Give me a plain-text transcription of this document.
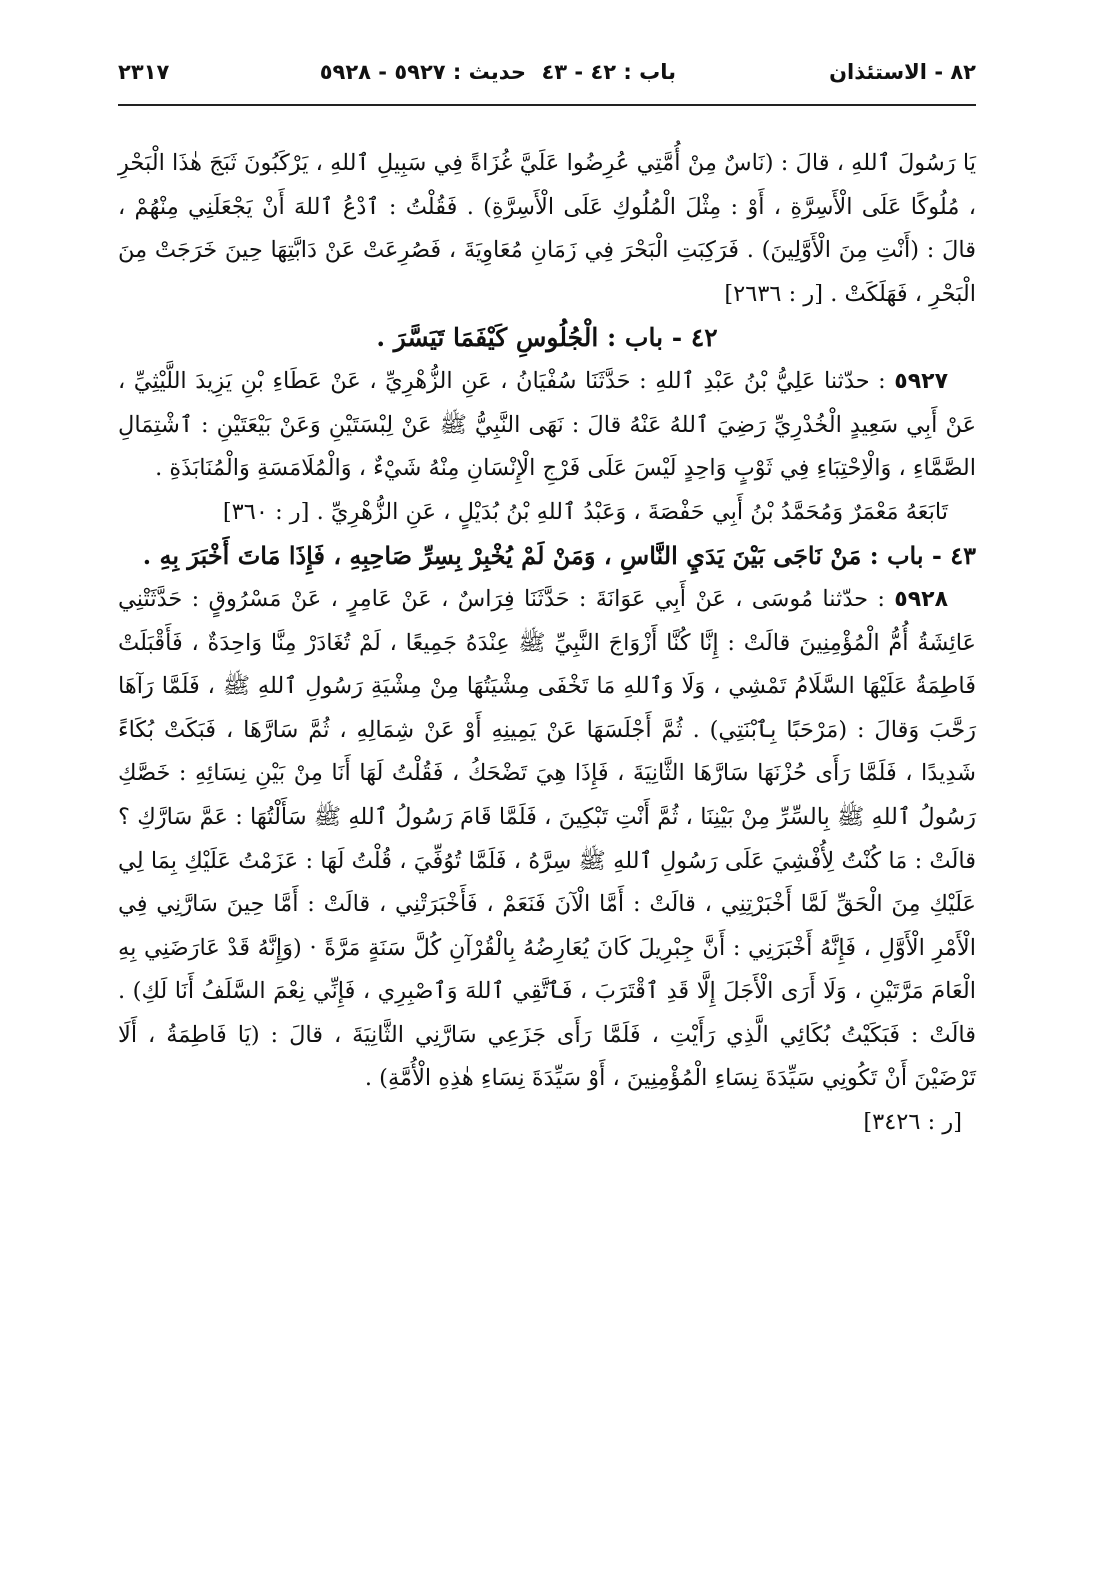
٨٢ - الاستئذان
باب : ٤٢ - ٤٣
حديث : ٥٩٢٧ - ٥٩٢٨
٢٣١٧

يَا رَسُولَ ٱللهِ ، قالَ : (نَاسٌ مِنْ أُمَّتِي عُرِضُوا عَلَيَّ غُزَاةً فِي سَبِيلِ ٱللهِ ، يَرْكَبُونَ ثَبَجَ هٰذَا الْبَحْرِ ، مُلُوكًا عَلَى الْأَسِرَّةِ ، أَوْ : مِثْلَ الْمُلُوكِ عَلَى الْأَسِرَّةِ) . فَقُلْتُ : ٱدْعُ ٱللهَ أَنْ يَجْعَلَنِي مِنْهُمْ ، قالَ : (أَنْتِ مِنَ الْأَوَّلِينَ) . فَرَكِبَتِ الْبَحْرَ فِي زَمَانِ مُعَاوِيَةَ ، فَصُرِعَتْ عَنْ دَابَّتِهَا حِينَ خَرَجَتْ مِنَ الْبَحْرِ ، فَهَلَكَتْ . [ر : ٢٦٣٦]

٤٢ - باب : الْجُلُوسِ كَيْفَمَا تَيَسَّرَ .

٥٩٢٧ : حدّثنا عَلِيُّ بْنُ عَبْدِ ٱللهِ : حَدَّثَنَا سُفْيَانُ ، عَنِ الزُّهْرِيِّ ، عَنْ عَطَاءِ بْنِ يَزِيدَ اللَّيْثِيِّ ، عَنْ أَبِي سَعِيدٍ الْخُدْرِيِّ رَضِيَ ٱللهُ عَنْهُ قالَ : نَهَى النَّبِيُّ ﷺ عَنْ لِبْسَتَيْنِ وَعَنْ بَيْعَتَيْنِ : ٱشْتِمَالِ الصَّمَّاءِ ، وَالْاِحْتِبَاءِ فِي ثَوْبٍ وَاحِدٍ لَيْسَ عَلَى فَرْجِ الْإِنْسَانِ مِنْهُ شَيْءٌ ، وَالْمُلَامَسَةِ وَالْمُنَابَذَةِ .

تَابَعَهُ مَعْمَرٌ وَمُحَمَّدُ بْنُ أَبِي حَفْصَةَ ، وَعَبْدُ ٱللهِ بْنُ بُدَيْلٍ ، عَنِ الزُّهْرِيِّ . [ر : ٣٦٠]

٤٣ - باب : مَنْ نَاجَى بَيْنَ يَدَيِ النَّاسِ ، وَمَنْ لَمْ يُخْبِرْ بِسِرِّ صَاحِبِهِ ، فَإِذَا مَاتَ أَخْبَرَ بِهِ .

٥٩٢٨ : حدّثنا مُوسَى ، عَنْ أَبِي عَوَانَةَ : حَدَّثَنَا فِرَاسٌ ، عَنْ عَامِرٍ ، عَنْ مَسْرُوقٍ : حَدَّثَتْنِي عَائِشَةُ أُمُّ الْمُؤْمِنِينَ قالَتْ : إِنَّا كُنَّا أَزْوَاجَ النَّبِيِّ ﷺ عِنْدَهُ جَمِيعًا ، لَمْ تُغَادَرْ مِنَّا وَاحِدَةٌ ، فَأَقْبَلَتْ فَاطِمَةُ عَلَيْهَا السَّلَامُ تَمْشِي ، وَلَا وَٱللهِ مَا تَخْفَى مِشْيَتُهَا مِنْ مِشْيَةِ رَسُولِ ٱللهِ ﷺ ، فَلَمَّا رَآهَا رَحَّبَ وَقالَ : (مَرْحَبًا بِٱبْنَتِي) . ثُمَّ أَجْلَسَهَا عَنْ يَمِينِهِ أَوْ عَنْ شِمَالِهِ ، ثُمَّ سَارَّهَا ، فَبَكَتْ بُكَاءً شَدِيدًا ، فَلَمَّا رَأَى حُزْنَهَا سَارَّهَا الثَّانِيَةَ ، فَإِذَا هِيَ تَضْحَكُ ، فَقُلْتُ لَهَا أَنَا مِنْ بَيْنِ نِسَائِهِ : خَصَّكِ رَسُولُ ٱللهِ ﷺ بِالسِّرِّ مِنْ بَيْنِنَا ، ثُمَّ أَنْتِ تَبْكِينَ ، فَلَمَّا قَامَ رَسُولُ ٱللهِ ﷺ سَأَلْتُهَا : عَمَّ سَارَّكِ ؟ قالَتْ : مَا كُنْتُ لِأُفْشِيَ عَلَى رَسُولِ ٱللهِ ﷺ سِرَّهُ ، فَلَمَّا تُوُفِّيَ ، قُلْتُ لَهَا : عَزَمْتُ عَلَيْكِ بِمَا لِي عَلَيْكِ مِنَ الْحَقِّ لَمَّا أَخْبَرْتِنِي ، قالَتْ : أَمَّا الْآنَ فَنَعَمْ ، فَأَخْبَرَتْنِي ، قالَتْ : أَمَّا حِينَ سَارَّنِي فِي الْأَمْرِ الْأَوَّلِ ، فَإِنَّهُ أَخْبَرَنِي : أَنَّ جِبْرِيلَ كَانَ يُعَارِضُهُ بِالْقُرْآنِ كُلَّ سَنَةٍ مَرَّةً · (وَإِنَّهُ قَدْ عَارَضَنِي بِهِ الْعَامَ مَرَّتَيْنِ ، وَلَا أَرَى الْأَجَلَ إِلَّا قَدِ ٱقْتَرَبَ ، فَٱتَّقِي ٱللهَ وَٱصْبِرِي ، فَإِنِّي نِعْمَ السَّلَفُ أَنَا لَكِ) . قالَتْ : فَبَكَيْتُ بُكَائِي الَّذِي رَأَيْتِ ، فَلَمَّا رَأَى جَزَعِي سَارَّنِي الثَّانِيَةَ ، قالَ : (يَا فَاطِمَةُ ، أَلَا تَرْضَيْنَ أَنْ تَكُونِي سَيِّدَةَ نِسَاءِ الْمُؤْمِنِينَ ، أَوْ سَيِّدَةَ نِسَاءِ هٰذِهِ الْأُمَّةِ) .

[ر : ٣٤٢٦]
